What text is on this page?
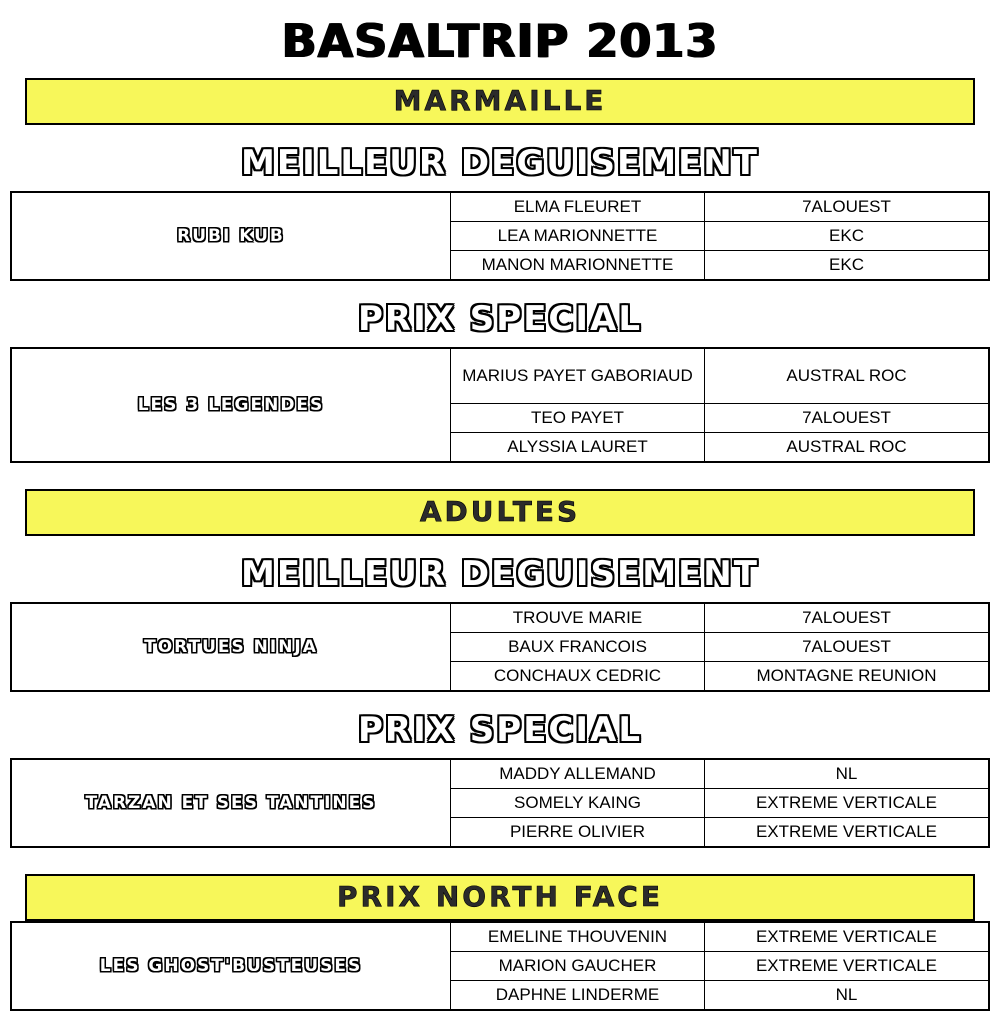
BASALTRIP 2013
MARMAILLE
MEILLEUR DEGUISEMENT
RUBI KUB	ELMA FLEURET	7ALOUEST
	LEA MARIONNETTE	EKC
	MANON MARIONNETTE	EKC
PRIX SPECIAL
LES 3 LEGENDES	MARIUS PAYET GABORIAUD	AUSTRAL ROC
	TEO PAYET	7ALOUEST
	ALYSSIA LAURET	AUSTRAL ROC
ADULTES
MEILLEUR DEGUISEMENT
TORTUES NINJA	TROUVE MARIE	7ALOUEST
	BAUX FRANCOIS	7ALOUEST
	CONCHAUX CEDRIC	MONTAGNE REUNION
PRIX SPECIAL
TARZAN ET SES TANTINES	MADDY ALLEMAND	NL
	SOMELY KAING	EXTREME VERTICALE
	PIERRE OLIVIER	EXTREME VERTICALE
PRIX NORTH FACE
LES GHOST'BUSTEUSES	EMELINE THOUVENIN	EXTREME VERTICALE
	MARION GAUCHER	EXTREME VERTICALE
	DAPHNE LINDERME	NL
